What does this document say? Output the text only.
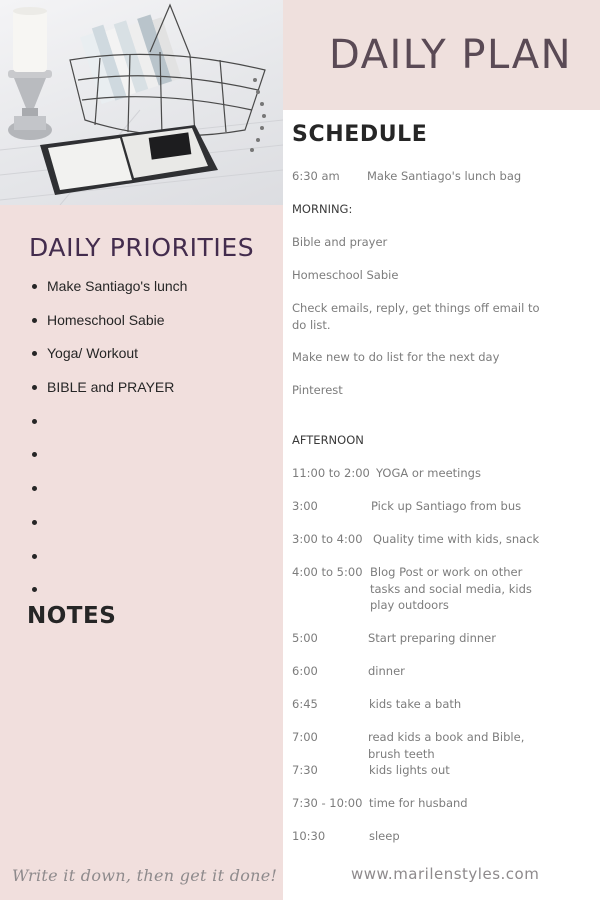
DAILY PLAN
DAILY PRIORITIES
Make Santiago's lunch
Homeschool Sabie
Yoga/ Workout
BIBLE and PRAYER
NOTES
Write it down, then get it done!
SCHEDULE
6:30 am	Make Santiago's lunch bag
MORNING:
Bible and prayer
Homeschool Sabie
Check emails, reply, get things off email to do list.
Make new to do list for the next day
Pinterest
AFTERNOON
11:00 to 2:00 YOGA or meetings
3:00	Pick up Santiago from bus
3:00 to 4:00 Quality time with kids, snack
4:00 to 5:00 Blog Post or work on other tasks and social media, kids play outdoors
5:00	Start preparing dinner
6:00	dinner
6:45	kids take a bath
7:00	read kids a book and Bible, brush teeth
7:30	kids lights out
7:30 - 10:00 time for husband
10:30	sleep
www.marilenstyles.com
